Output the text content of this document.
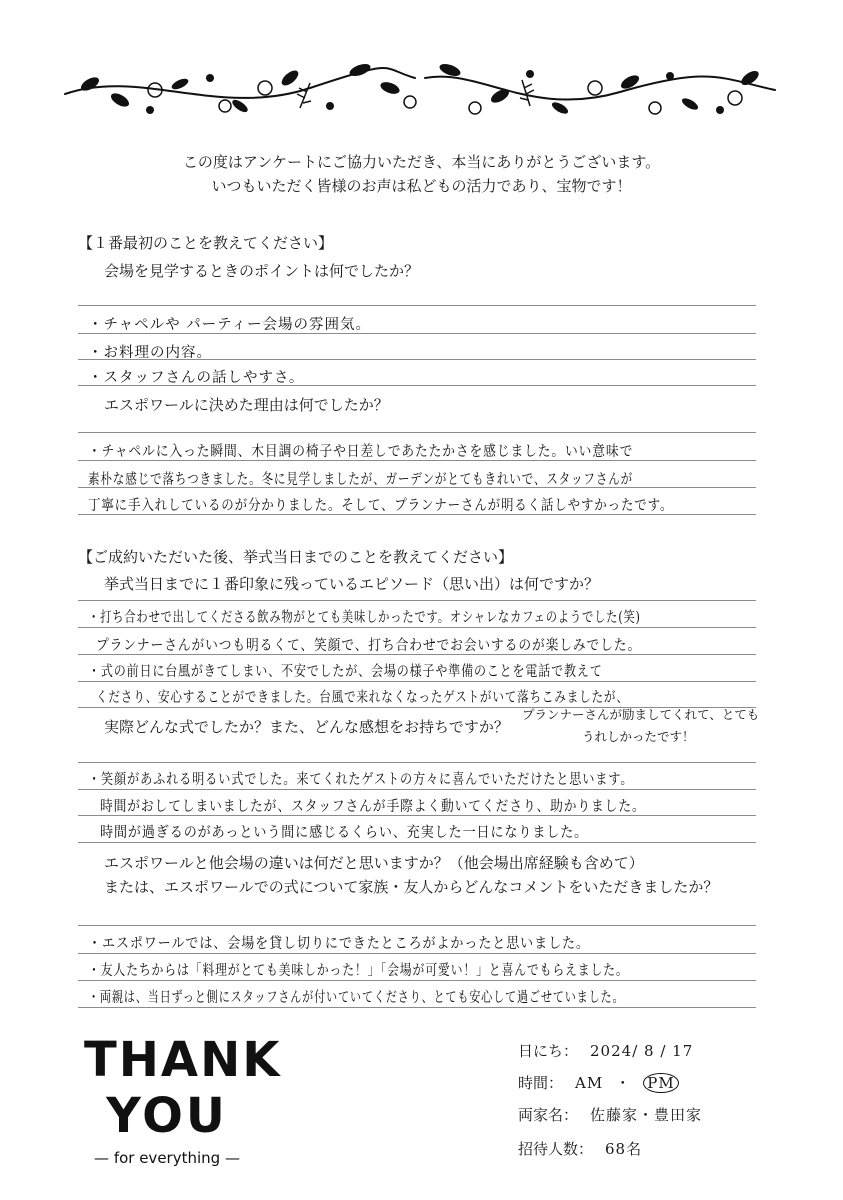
この度はアンケートにご協力いただき、本当にありがとうございます。
いつもいただく皆様のお声は私どもの活力であり、宝物です！
【１番最初のことを教えてください】
会場を見学するときのポイントは何でしたか？
・チャペルや パーティー会場の雰囲気。
・お料理の内容。
・スタッフさんの話しやすさ。
エスポワールに決めた理由は何でしたか？
・チャペルに入った瞬間、木目調の椅子や日差しであたたかさを感じました。いい意味で
素朴な感じで落ちつきました。冬に見学しましたが、ガーデンがとてもきれいで、スタッフさんが
丁寧に手入れしているのが分かりました。そして、プランナーさんが明るく話しやすかったです。
【ご成約いただいた後、挙式当日までのことを教えてください】
挙式当日までに１番印象に残っているエピソード（思い出）は何ですか？
・打ち合わせで出してくださる飲み物がとても美味しかったです。オシャレなカフェのようでした(笑)
プランナーさんがいつも明るくて、笑顔で、打ち合わせでお会いするのが楽しみでした。
・式の前日に台風がきてしまい、不安でしたが、会場の様子や準備のことを電話で教えて
くださり、安心することができました。台風で来れなくなったゲストがいて落ちこみましたが、
実際どんな式でしたか？また、どんな感想をお持ちですか？
プランナーさんが励ましてくれて、とても
うれしかったです！
・笑顔があふれる明るい式でした。来てくれたゲストの方々に喜んでいただけたと思います。
時間がおしてしまいましたが、スタッフさんが手際よく動いてくださり、助かりました。
時間が過ぎるのがあっという間に感じるくらい、充実した一日になりました。
エスポワールと他会場の違いは何だと思いますか？（他会場出席経験も含めて）
または、エスポワールでの式について家族・友人からどんなコメントをいただきましたか？
・エスポワールでは、会場を貸し切りにできたところがよかったと思いました。
・友人たちからは「料理がとても美味しかった！」「会場が可愛い！」と喜んでもらえました。
・両親は、当日ずっと側にスタッフさんが付いていてくださり、とても安心して過ごせていました。
THANK
YOU
— for everything —
日にち： 2024/ 8 / 17
時間： AM ・ PM
両家名： 佐藤家・豊田家
招待人数： 68名
